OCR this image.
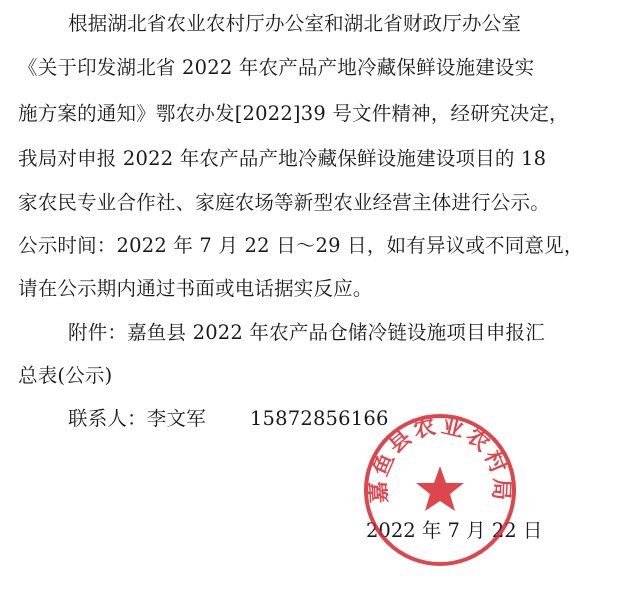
根据湖北省农业农村厅办公室和湖北省财政厅办公室
《关于印发湖北省 2022 年农产品产地冷藏保鲜设施建设实
施方案的通知》鄂农办发[2022]39 号文件精神，经研究决定，
我局对申报 2022 年农产品产地冷藏保鲜设施建设项目的 18
家农民专业合作社、家庭农场等新型农业经营主体进行公示。
公示时间：2022 年 7 月 22 日～29 日，如有异议或不同意见，
请在公示期内通过书面或电话据实反应。
附件：嘉鱼县 2022 年农产品仓储冷链设施项目申报汇
总表(公示)
联系人：李文军 15872856166
2022 年 7 月 22 日
嘉鱼县农业农村局
